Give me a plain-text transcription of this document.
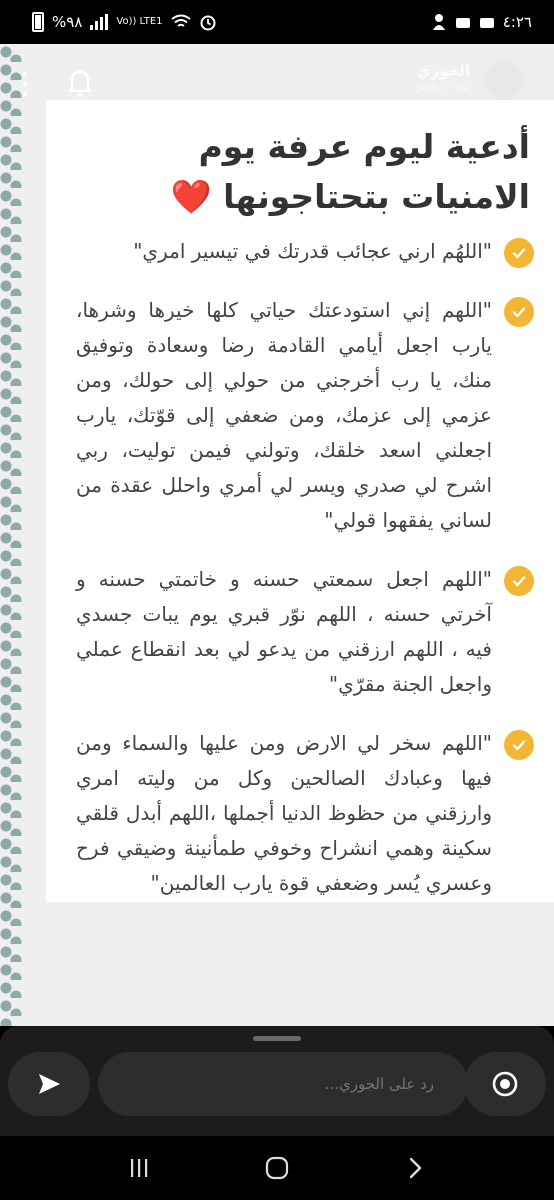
%٩٨	Vo)) LTE1	٤:٢٦
الجوري
منذ ١٠ دقائق
أدعية ليوم عرفة يوم الامنيات بتحتاجونها ❤️
"اللهُم ارني عجائب قدرتك في تيسير امري"
"اللهم إني استودعتك حياتي كلها خيرها وشرها، يارب اجعل أيامي القادمة رضا وسعادة وتوفيق منك، يا رب أخرجني من حولي إلى حولك، ومن عزمي إلى عزمك، ومن ضعفي إلى قوّتك، يارب اجعلني اسعد خلقك، وتولني فيمن توليت، ربي اشرح لي صدري ويسر لي أمري واحلل عقدة من لساني يفقهوا قولي"
"اللهم اجعل سمعتي حسنه و خاتمتي حسنه و آخرتي حسنه ، اللهم نوّر قبري يوم يبات جسدي فيه ، اللهم ارزقني من يدعو لي بعد انقطاع عملي واجعل الجنة مقرّي"
"اللهم سخر لي الارض ومن عليها والسماء ومن فيها وعبادك الصالحين وكل من وليته امري وارزقني من حظوظ الدنيا أجملها ،اللهم أبدل قلقي سكينة وهمي انشراح وخوفي طمأنينة وضيقي فرح وعسري يُسر وضعفي قوة يارب العالمين"
رد على الجوري...
